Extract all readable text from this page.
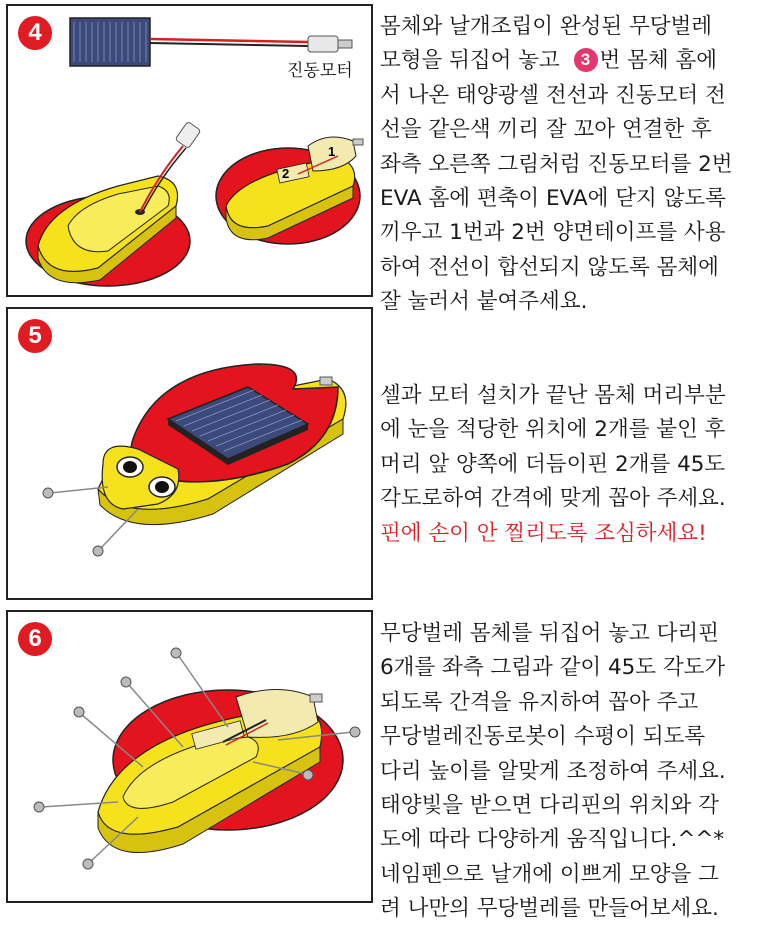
4
1
2
진동모터

몸체와 날개조립이 완성된 무당벌레

모형을 뒤집어 놓고 3 번 몸체 홈에

서 나온 태양광셀 전선과 진동모터 전

선을 같은색 끼리 잘 꼬아 연결한 후

좌측 오른쪽 그림처럼 진동모터를 2번

EVA 홈에 편축이 EVA에 닫지 않도록

끼우고 1번과 2번 양면테이프를 사용

하여 전선이 합선되지 않도록 몸체에

잘 눌러서 붙여주세요.

5

셀과 모터 설치가 끝난 몸체 머리부분

에 눈을 적당한 위치에 2개를 붙인 후

머리 앞 양쪽에 더듬이핀 2개를 45도

각도로하여 간격에 맞게 꼽아 주세요.

핀에 손이 안 찔리도록 조심하세요!

6	무당벌레 몸체를 뒤집어 놓고 다리핀

6개를 좌측 그림과 같이 45도 각도가

되도록 간격을 유지하여 꼽아 주고

무당벌레진동로봇이 수평이 되도록

다리 높이를 알맞게 조정하여 주세요.

태양빛을 받으면 다리핀의 위치와 각

도에 따라 다양하게 움직입니다.^^*

네임펜으로 날개에 이쁘게 모양을 그

려 나만의 무당벌레를 만들어보세요.
